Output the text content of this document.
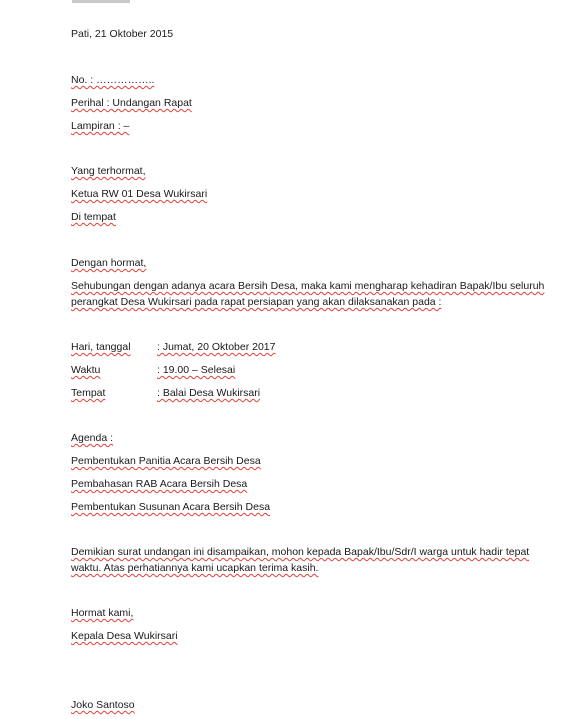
Pati, 21 Oktober 2015
No. : ……………..
Perihal : Undangan Rapat
Lampiran : –
Yang terhormat,
Ketua RW 01 Desa Wukirsari
Di tempat
Dengan hormat,
Sehubungan dengan adanya acara Bersih Desa, maka kami mengharap kehadiran Bapak/Ibu seluruh
perangkat Desa Wukirsari pada rapat persiapan yang akan dilaksanakan pada :
Hari, tanggal	: Jumat, 20 Oktober 2017
Waktu	: 19.00 – Selesai
Tempat	: Balai Desa Wukirsari
Agenda :
Pembentukan Panitia Acara Bersih Desa
Pembahasan RAB Acara Bersih Desa
Pembentukan Susunan Acara Bersih Desa
Demikian surat undangan ini disampaikan, mohon kepada Bapak/Ibu/Sdr/I warga untuk hadir tepat
waktu. Atas perhatiannya kami ucapkan terima kasih.
Hormat kami,
Kepala Desa Wukirsari
Joko Santoso
